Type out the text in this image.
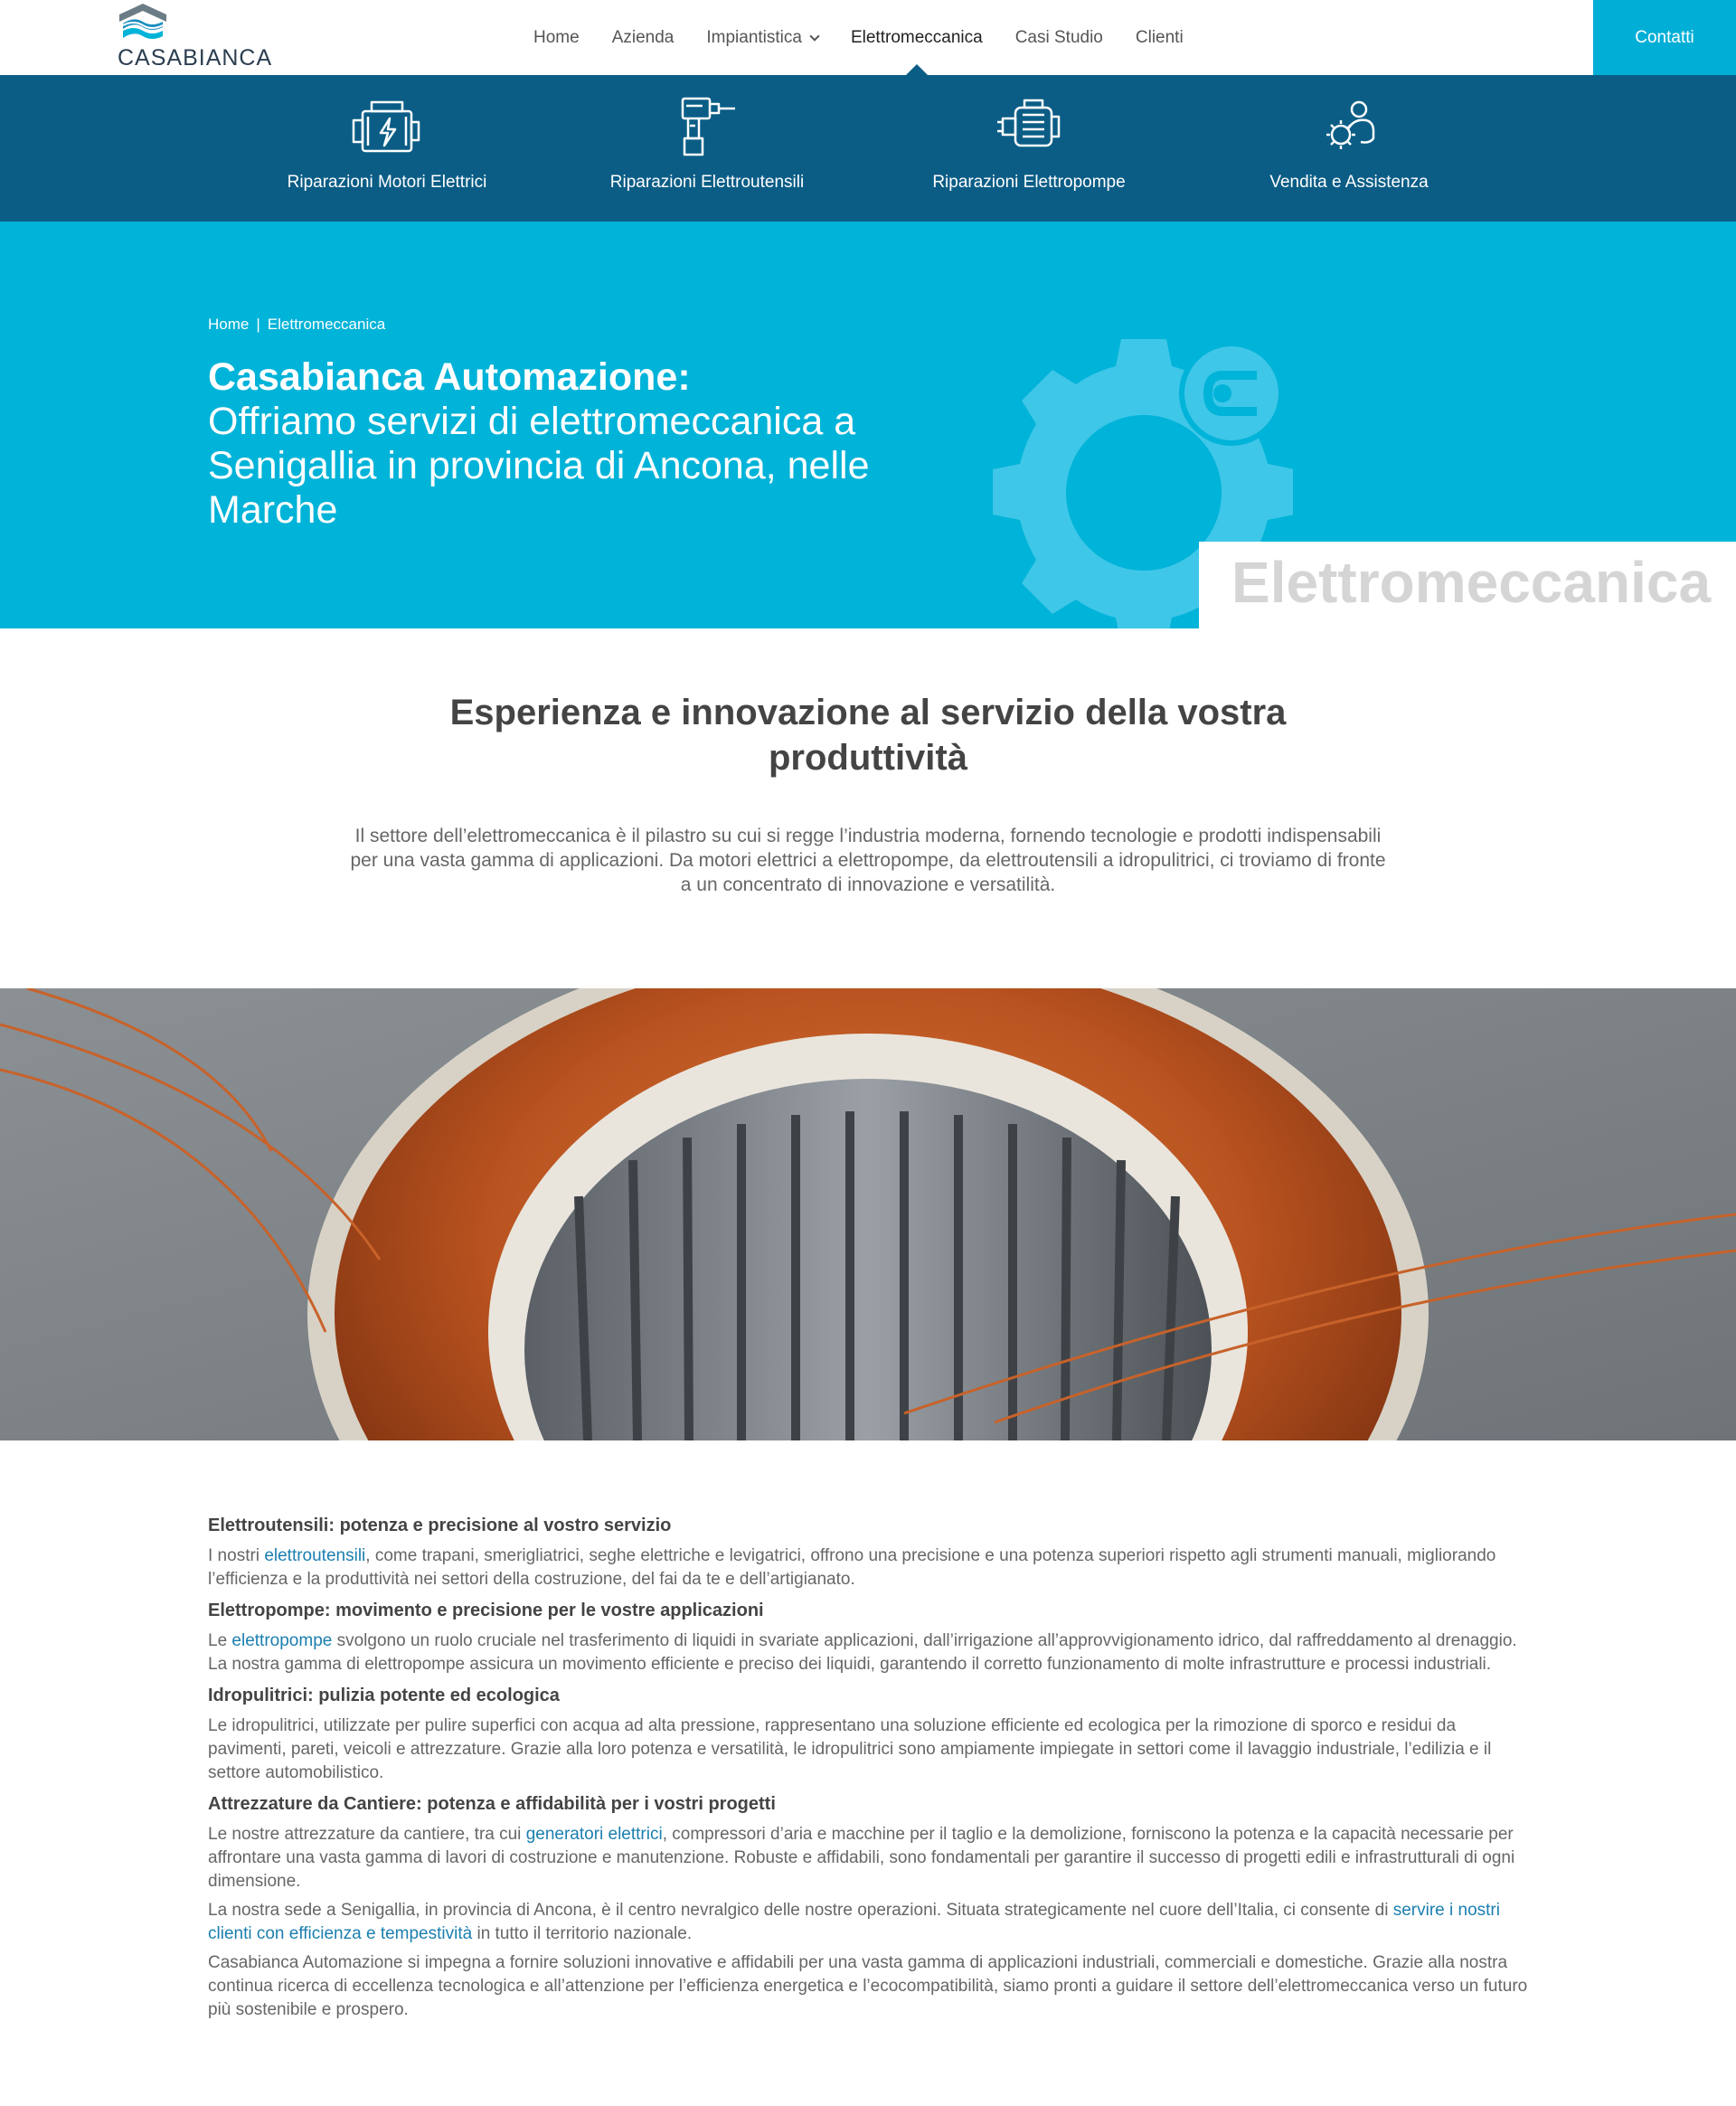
CASABIANCA
Home Azienda Impiantistica	Elettromeccanica Casi Studio Clienti	Contatti
Riparazioni Motori Elettrici	Riparazioni Elettroutensili	Riparazioni Elettropompe	Vendita e Assistenza
Home | Elettromeccanica
Casabianca Automazione:
Offriamo servizi di elettromeccanica a Senigallia in provincia di Ancona, nelle Marche
Elettromeccanica
Esperienza e innovazione al servizio della vostra produttività
Il settore dell’elettromeccanica è il pilastro su cui si regge l’industria moderna, fornendo tecnologie e prodotti indispensabili per una vasta gamma di applicazioni. Da motori elettrici a elettropompe, da elettroutensili a idropulitrici, ci troviamo di fronte a un concentrato di innovazione e versatilità.
Elettroutensili: potenza e precisione al vostro servizio

I nostri elettroutensili, come trapani, smerigliatrici, seghe elettriche e levigatrici, offrono una precisione e una potenza superiori rispetto agli strumenti manuali, migliorando l’efficienza e la produttività nei settori della costruzione, del fai da te e dell’artigianato.

Elettropompe: movimento e precisione per le vostre applicazioni

Le elettropompe svolgono un ruolo cruciale nel trasferimento di liquidi in svariate applicazioni, dall’irrigazione all’approvvigionamento idrico, dal raffreddamento al drenaggio. La nostra gamma di elettropompe assicura un movimento efficiente e preciso dei liquidi, garantendo il corretto funzionamento di molte infrastrutture e processi industriali.

Idropulitrici: pulizia potente ed ecologica

Le idropulitrici, utilizzate per pulire superfici con acqua ad alta pressione, rappresentano una soluzione efficiente ed ecologica per la rimozione di sporco e residui da pavimenti, pareti, veicoli e attrezzature. Grazie alla loro potenza e versatilità, le idropulitrici sono ampiamente impiegate in settori come il lavaggio industriale, l’edilizia e il settore automobilistico.

Attrezzature da Cantiere: potenza e affidabilità per i vostri progetti

Le nostre attrezzature da cantiere, tra cui generatori elettrici, compressori d’aria e macchine per il taglio e la demolizione, forniscono la potenza e la capacità necessarie per affrontare una vasta gamma di lavori di costruzione e manutenzione. Robuste e affidabili, sono fondamentali per garantire il successo di progetti edili e infrastrutturali di ogni dimensione.

La nostra sede a Senigallia, in provincia di Ancona, è il centro nevralgico delle nostre operazioni. Situata strategicamente nel cuore dell’Italia, ci consente di servire i nostri clienti con efficienza e tempestività in tutto il territorio nazionale.

Casabianca Automazione si impegna a fornire soluzioni innovative e affidabili per una vasta gamma di applicazioni industriali, commerciali e domestiche. Grazie alla nostra continua ricerca di eccellenza tecnologica e all’attenzione per l’efficienza energetica e l’ecocompatibilità, siamo pronti a guidare il settore dell’elettromeccanica verso un futuro più sostenibile e prospero.
